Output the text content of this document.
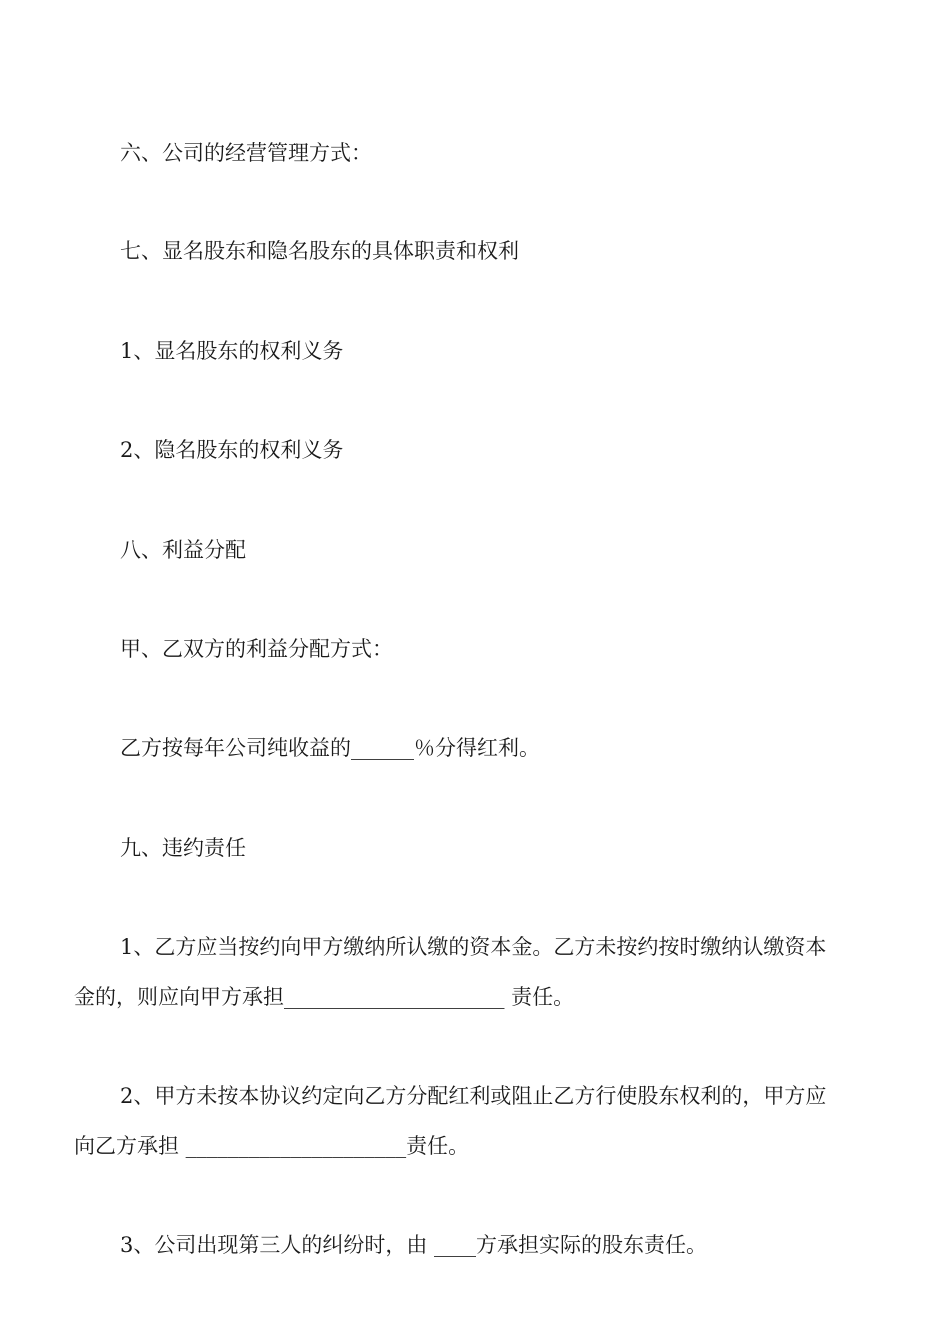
六、公司的经营管理方式：
七、显名股东和隐名股东的具体职责和权利
1、显名股东的权利义务
2、隐名股东的权利义务
八、利益分配
甲、乙双方的利益分配方式：
乙方按每年公司纯收益的______％分得红利。
九、违约责任
1、乙方应当按约向甲方缴纳所认缴的资本金。乙方未按约按时缴纳认缴资本
金的，则应向甲方承担_____________________ 责任。
2、甲方未按本协议约定向乙方分配红利或阻止乙方行使股东权利的，甲方应
向乙方承担 _____________________责任。
3、公司出现第三人的纠纷时，由 ____方承担实际的股东责任。
